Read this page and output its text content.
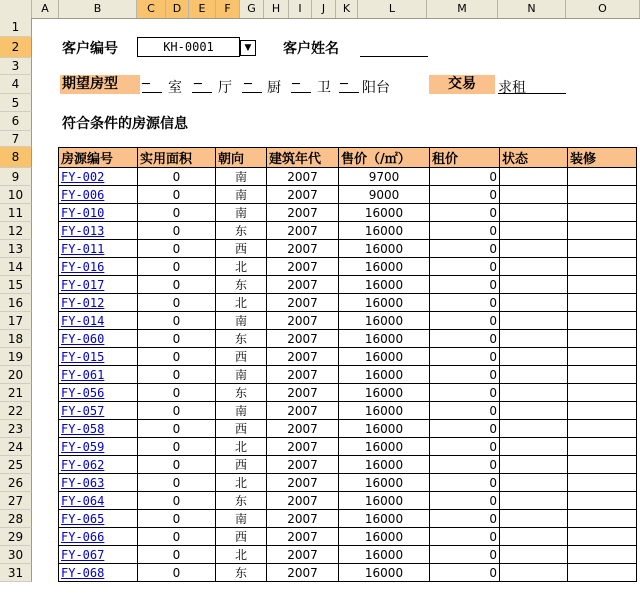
A	B	C	D	E	F	G	H	I	J	K	L	M	N	O
1
2
3
4
5
6
7
8
9
10
11
12
13
14
15
16
17
18
19
20
21
22
23
24
25
26
27
28
29
30
31
客户编号	KH-0001	▼	客户姓名
期望房型	─ 室 ─ 厅 ─ 厨 ─ 卫 ─ 阳台	交易	求租
符合条件的房源信息
房源编号	实用面积	朝向	建筑年代	售价（/㎡）	租价	状态	装修
FY-002	0	南	2007	9700	0		
FY-006	0	南	2007	9000	0		
FY-010	0	南	2007	16000	0		
FY-013	0	东	2007	16000	0		
FY-011	0	西	2007	16000	0		
FY-016	0	北	2007	16000	0		
FY-017	0	东	2007	16000	0		
FY-012	0	北	2007	16000	0		
FY-014	0	南	2007	16000	0		
FY-060	0	东	2007	16000	0		
FY-015	0	西	2007	16000	0		
FY-061	0	南	2007	16000	0		
FY-056	0	东	2007	16000	0		
FY-057	0	南	2007	16000	0		
FY-058	0	西	2007	16000	0		
FY-059	0	北	2007	16000	0		
FY-062	0	西	2007	16000	0		
FY-063	0	北	2007	16000	0		
FY-064	0	东	2007	16000	0		
FY-065	0	南	2007	16000	0		
FY-066	0	西	2007	16000	0		
FY-067	0	北	2007	16000	0		
FY-068	0	东	2007	16000	0		
